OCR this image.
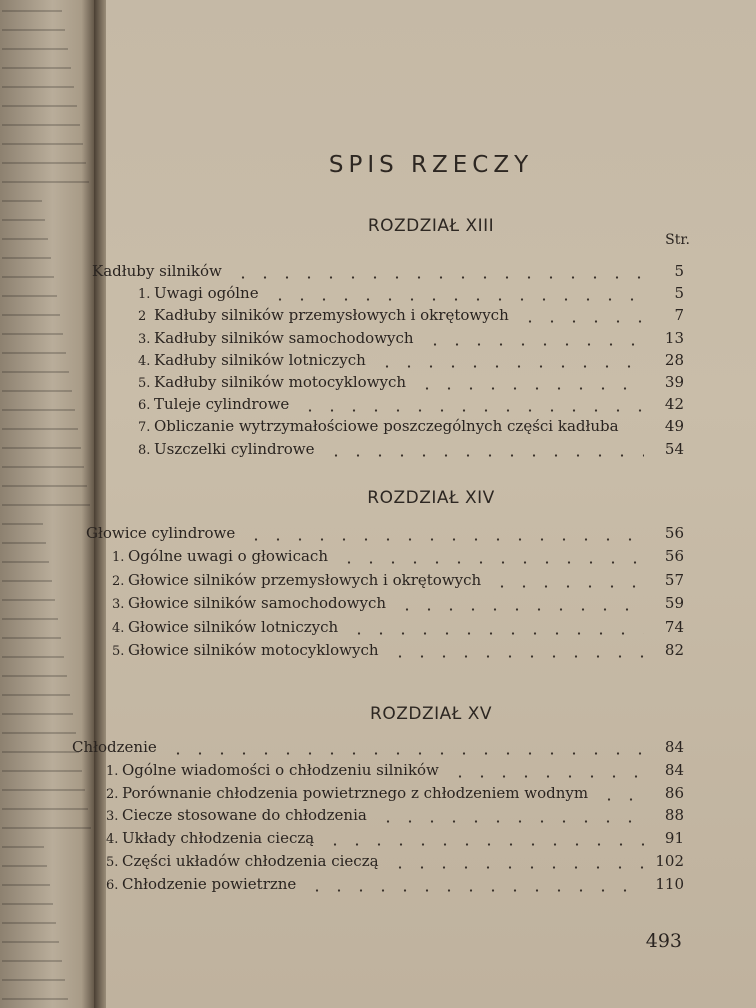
SPIS RZECZY
ROZDZIAŁ XIII
Str.
Kadłuby silników	5
1. Uwagi ogólne	5
2 Kadłuby silników przemysłowych i okrętowych	7
3. Kadłuby silników samochodowych	13
4. Kadłuby silników lotniczych	28
5. Kadłuby silników motocyklowych	39
6. Tuleje cylindrowe	42
7. Obliczanie wytrzymałościowe poszczególnych części kadłuba	49
8. Uszczelki cylindrowe	54
ROZDZIAŁ XIV
Głowice cylindrowe	56
1. Ogólne uwagi o głowicach	56
2. Głowice silników przemysłowych i okrętowych	57
3. Głowice silników samochodowych	59
4. Głowice silników lotniczych	74
5. Głowice silników motocyklowych	82
ROZDZIAŁ XV
Chłodzenie	84
1. Ogólne wiadomości o chłodzeniu silników	84
2. Porównanie chłodzenia powietrznego z chłodzeniem wodnym	86
3. Ciecze stosowane do chłodzenia	88
4. Układy chłodzenia cieczą	91
5. Części układów chłodzenia cieczą	102
6. Chłodzenie powietrzne	110
493
